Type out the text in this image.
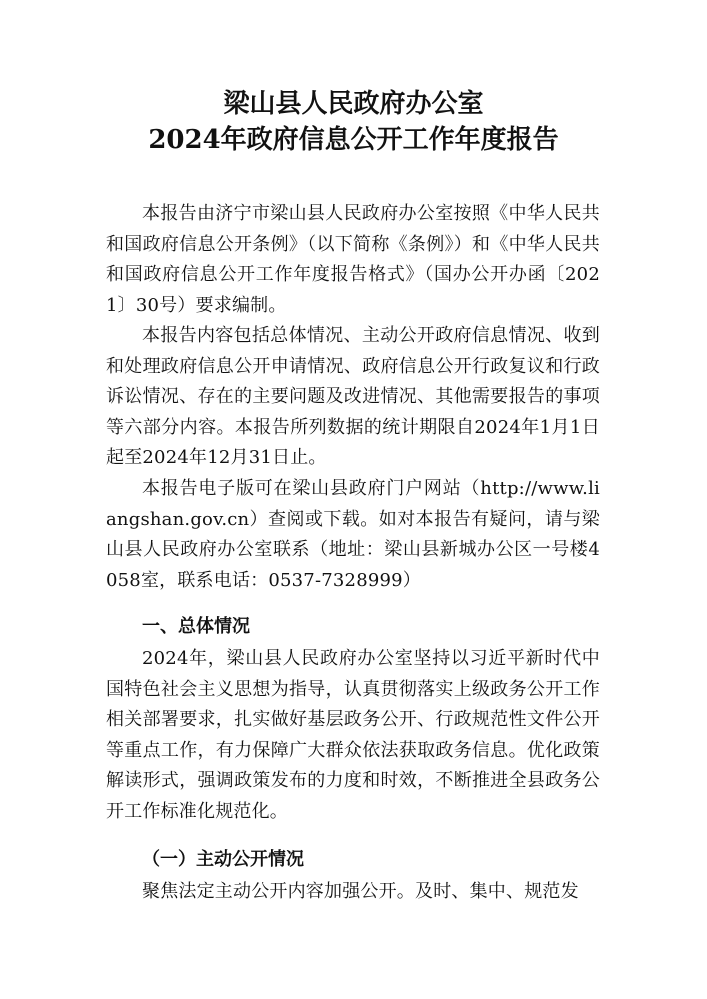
梁山县人民政府办公室
2024年政府信息公开工作年度报告

本报告由济宁市梁山县人民政府办公室按照《中华人民共和国政府信息公开条例》（以下简称《条例》）和《中华人民共和国政府信息公开工作年度报告格式》（国办公开办函〔2021〕30号）要求编制。

本报告内容包括总体情况、主动公开政府信息情况、收到和处理政府信息公开申请情况、政府信息公开行政复议和行政诉讼情况、存在的主要问题及改进情况、其他需要报告的事项等六部分内容。本报告所列数据的统计期限自2024年1月1日起至2024年12月31日止。

本报告电子版可在梁山县政府门户网站（http://www.liangshan.gov.cn）查阅或下载。如对本报告有疑问，请与梁山县人民政府办公室联系（地址：梁山县新城办公区一号楼4058室，联系电话：0537-7328999）

一、总体情况

2024年，梁山县人民政府办公室坚持以习近平新时代中国特色社会主义思想为指导，认真贯彻落实上级政务公开工作相关部署要求，扎实做好基层政务公开、行政规范性文件公开等重点工作，有力保障广大群众依法获取政务信息。优化政策解读形式，强调政策发布的力度和时效，不断推进全县政务公开工作标准化规范化。

（一）主动公开情况

聚焦法定主动公开内容加强公开。及时、集中、规范发
